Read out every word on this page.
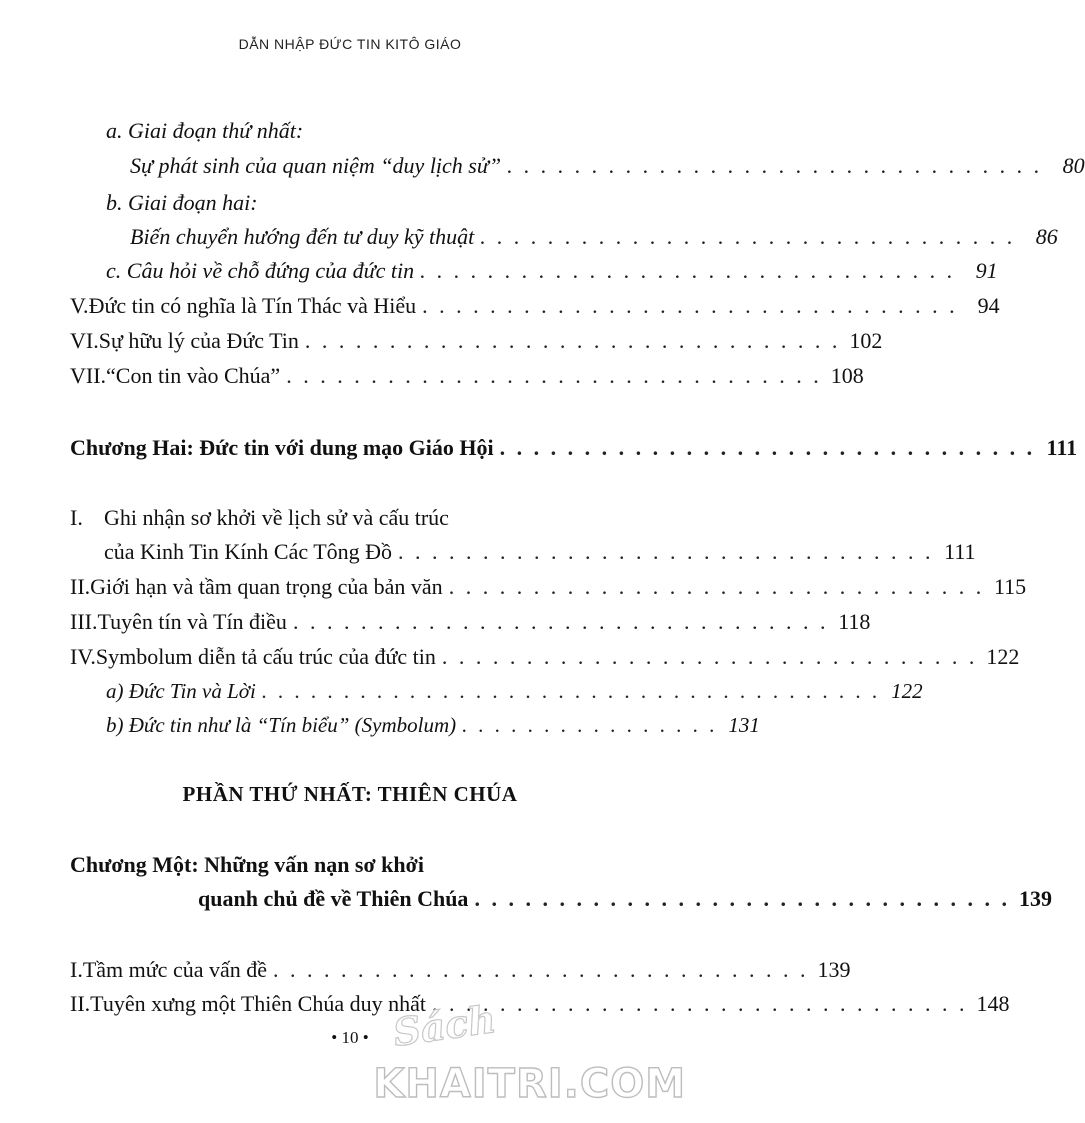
DẪN NHẬP ĐỨC TIN KITÔ GIÁO
a. Giai đoạn thứ nhất:
Sự phát sinh của quan niệm “duy lịch sử” . . . . . . . . . . . . . . . . . . . . . . . . . . . . . . . . 80
b. Giai đoạn hai:
Biến chuyển hướng đến tư duy kỹ thuật . . . . . . . . . . . . . . . . . . . . . . . . . . . . . . . . 86
c. Câu hỏi về chỗ đứng của đức tin . . . . . . . . . . . . . . . . . . . . . . . . . . . . . . . . 91
V. Đức tin có nghĩa là Tín Thác và Hiểu . . . . . . . . . . . . . . . . . . . . . . . . . . . . . . . . 94
VI. Sự hữu lý của Đức Tin . . . . . . . . . . . . . . . . . . . . . . . . . . . . . . . . 102
VII. “Con tin vào Chúa” . . . . . . . . . . . . . . . . . . . . . . . . . . . . . . . . 108
Chương Hai: Đức tin với dung mạo Giáo Hội . . . . . . . . . . . . . . . . . . . . . . . . . . . . . . . . 111
I. Ghi nhận sơ khởi về lịch sử và cấu trúc
của Kinh Tin Kính Các Tông Đồ . . . . . . . . . . . . . . . . . . . . . . . . . . . . . . . . 111
II. Giới hạn và tầm quan trọng của bản văn . . . . . . . . . . . . . . . . . . . . . . . . . . . . . . . . 115
III. Tuyên tín và Tín điều . . . . . . . . . . . . . . . . . . . . . . . . . . . . . . . . 118
IV. Symbolum diễn tả cấu trúc của đức tin . . . . . . . . . . . . . . . . . . . . . . . . . . . . . . . . 122
a) Đức Tin và Lời . . . . . . . . . . . . . . . . . . . . . . . . . . . . . . . . . . . . . . 122
b) Đức tin như là “Tín biểu” (Symbolum) . . . . . . . . . . . . . . . . 131
PHẦN THỨ NHẤT: THIÊN CHÚA
Chương Một: Những vấn nạn sơ khởi
quanh chủ đề về Thiên Chúa . . . . . . . . . . . . . . . . . . . . . . . . . . . . . . . . 139
I. Tầm mức của vấn đề . . . . . . . . . . . . . . . . . . . . . . . . . . . . . . . . 139
II. Tuyên xưng một Thiên Chúa duy nhất . . . . . . . . . . . . . . . . . . . . . . . . . . . . . . . . 148
• 10 • Sách
KHAITRI.COM
